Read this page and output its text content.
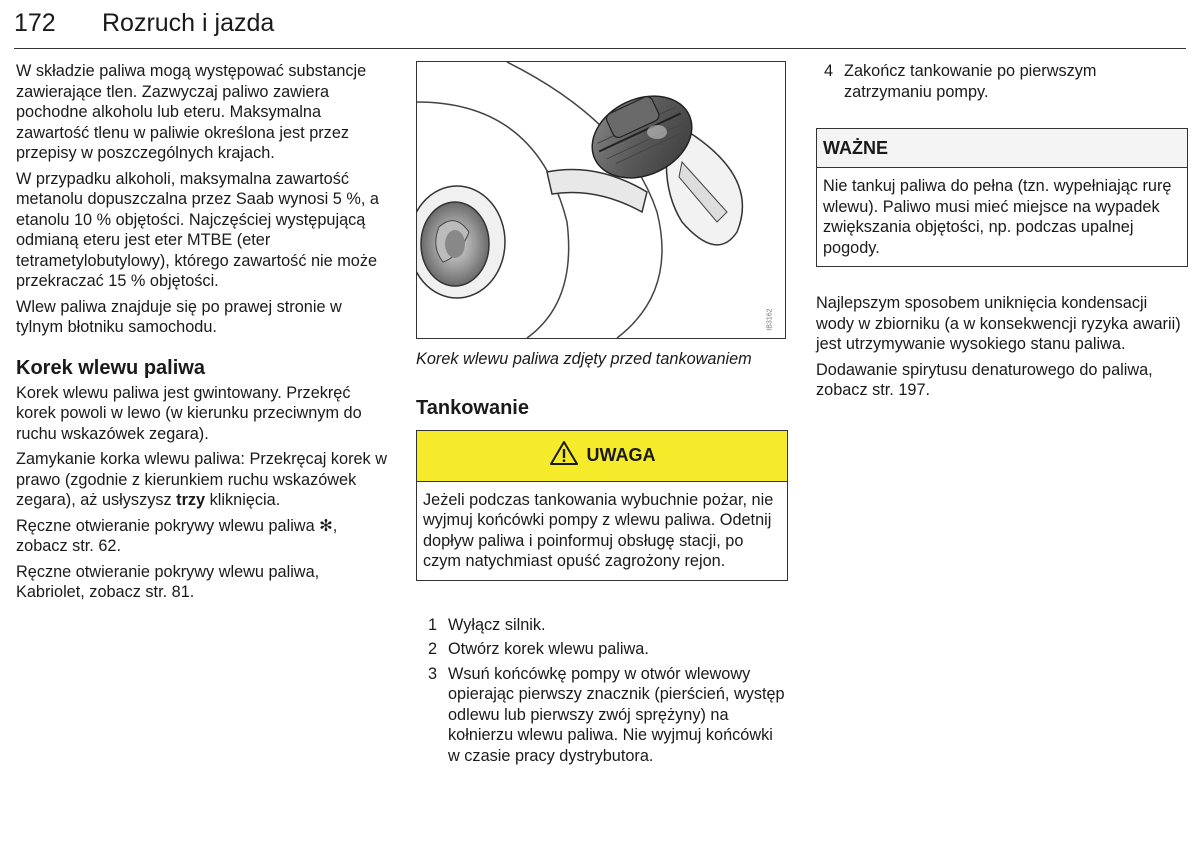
172 Rozruch i jazda

W składzie paliwa mogą występować substancje zawierające tlen. Zazwyczaj paliwo zawiera pochodne alkoholu lub eteru. Maksymalna zawartość tlenu w paliwie określona jest przez przepisy w poszczególnych krajach.

W przypadku alkoholi, maksymalna zawartość metanolu dopuszczalna przez Saab wynosi 5 %, a etanolu 10 % objętości. Najczęściej występującą odmianą eteru jest eter MTBE (eter tetrametylobutylowy), którego zawartość nie może przekraczać 15 % objętości.

Wlew paliwa znajduje się po prawej stronie w tylnym błotniku samochodu.

Korek wlewu paliwa

Korek wlewu paliwa jest gwintowany. Przekręć korek powoli w lewo (w kierunku przeciwnym do ruchu wskazówek zegara).

Zamykanie korka wlewu paliwa: Przekręcaj korek w prawo (zgodnie z kierunkiem ruchu wskazówek zegara), aż usłyszysz trzy kliknięcia.

Ręczne otwieranie pokrywy wlewu paliwa ✻, zobacz str. 62.

Ręczne otwieranie pokrywy wlewu paliwa, Kabriolet, zobacz str. 81.

IB3162

Korek wlewu paliwa zdjęty przed tankowaniem

Tankowanie
UWAGA
Jeżeli podczas tankowania wybuchnie pożar, nie wyjmuj końcówki pompy z wlewu paliwa. Odetnij dopływ paliwa i poinformuj obsługę stacji, po czym natychmiast opuść zagrożony rejon.
1 Wyłącz silnik.
2 Otwórz korek wlewu paliwa.
3 Wsuń końcówkę pompy w otwór wlewowy opierając pierwszy znacznik (pierścień, występ odlewu lub pierwszy zwój sprężyny) na kołnierzu wlewu paliwa. Nie wyjmuj końcówki w czasie pracy dystrybutora.
4 Zakończ tankowanie po pierwszym zatrzymaniu pompy.
WAŻNE
Nie tankuj paliwa do pełna (tzn. wypełniając rurę wlewu). Paliwo musi mieć miejsce na wypadek zwiększania objętości, np. podczas upalnej pogody.

Najlepszym sposobem uniknięcia kondensacji wody w zbiorniku (a w konsekwencji ryzyka awarii) jest utrzymywanie wysokiego stanu paliwa.

Dodawanie spirytusu denaturowego do paliwa, zobacz str. 197.
